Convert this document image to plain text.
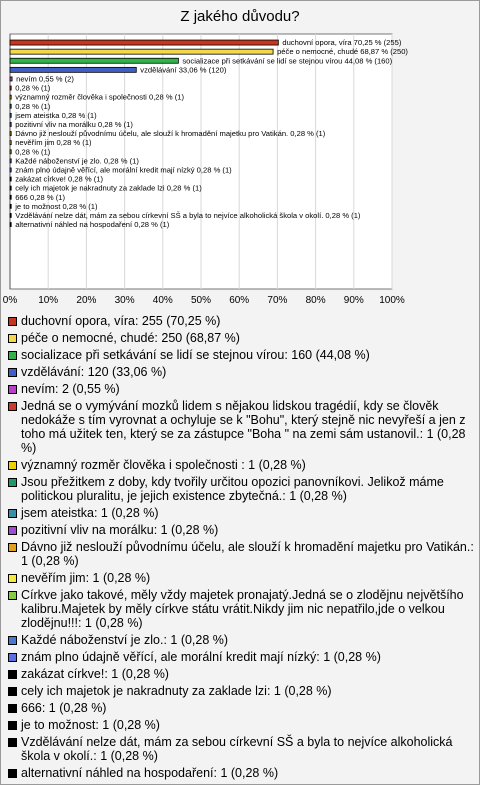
Z jakého důvodu?
0% 10% 20% 30% 40% 50% 60% 70% 80% 90% 100%
duchovní opora, víra 70,25 % (255)
péče o nemocné, chudé 68,87 % (250)
socializace při setkávání se lidí se stejnou vírou 44,08 % (160)
vzdělávání 33,06 % (120)
nevím 0,55 % (2)
0,28 % (1)
významný rozměr člověka i společnosti 0,28 % (1)
0,28 % (1)
jsem ateistka 0,28 % (1)
pozitivní vliv na morálku 0,28 % (1)
Dávno již neslouží původnímu účelu, ale slouží k hromadění majetku pro Vatikán. 0,28 % (1)
nevěřím jim 0,28 % (1)
0,28 % (1)
Každé náboženství je zlo. 0,28 % (1)
znám plno údajně věřící, ale morální kredit mají nízký 0,28 % (1)
zakázat církve! 0,28 % (1)
cely ich majetok je nakradnuty za zaklade lzi 0,28 % (1)
666 0,28 % (1)
je to možnost 0,28 % (1)
Vzdělávání nelze dát, mám za sebou církevní SŠ a byla to nejvíce alkoholická škola v okolí. 0,28 % (1)
alternativní náhled na hospodaření 0,28 % (1)
duchovní opora, víra: 255 (70,25 %)
péče o nemocné, chudé: 250 (68,87 %)
socializace při setkávání se lidí se stejnou vírou: 160 (44,08 %)
vzdělávání: 120 (33,06 %)
nevím: 2 (0,55 %)
Jedná se o vymývání mozků lidem s nějakou lidskou tragédií, kdy se člověk nedokáže s tím vyrovnat a ochyluje se k "Bohu", který stejně nic nevyřeší a jen z toho má užitek ten, který se za zástupce "Boha " na zemi sám ustanovil.: 1 (0,28 %)
významný rozměr člověka i společnosti : 1 (0,28 %)
Jsou přežitkem z doby, kdy tvořily určitou opozici panovníkovi. Jelikož máme politickou pluralitu, je jejich existence zbytečná.: 1 (0,28 %)
jsem ateistka: 1 (0,28 %)
pozitivní vliv na morálku: 1 (0,28 %)
Dávno již neslouží původnímu účelu, ale slouží k hromadění majetku pro Vatikán.: 1 (0,28 %)
nevěřím jim: 1 (0,28 %)
Církve jako takové, měly vždy majetek pronajatý.Jedná se o zlodějnu největšího kalibru.Majetek by měly církve státu vrátit.Nikdy jim nic nepatřilo,jde o velkou zlodějnu!!!: 1 (0,28 %)
Každé náboženství je zlo.: 1 (0,28 %)
znám plno údajně věřící, ale morální kredit mají nízký: 1 (0,28 %)
zakázat církve!: 1 (0,28 %)
cely ich majetok je nakradnuty za zaklade lzi: 1 (0,28 %)
666: 1 (0,28 %)
je to možnost: 1 (0,28 %)
Vzdělávání nelze dát, mám za sebou církevní SŠ a byla to nejvíce alkoholická škola v okolí.: 1 (0,28 %)
alternativní náhled na hospodaření: 1 (0,28 %)
